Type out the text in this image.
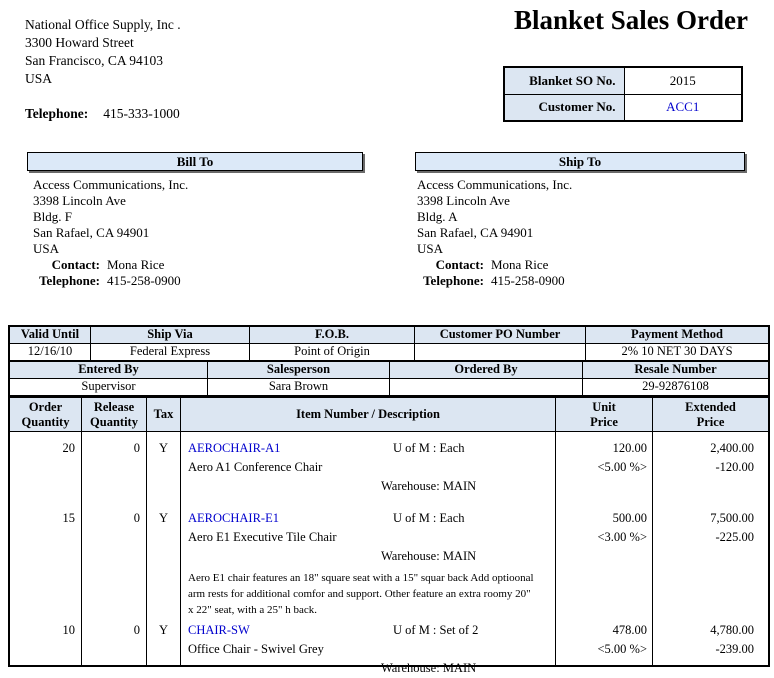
National Office Supply, Inc .
3300 Howard Street
San Francisco, CA 94103
USA
Telephone: 415-333-1000
Blanket Sales Order
Blanket SO No.	2015
Customer No.	ACC1
Bill To
Access Communications, Inc.
3398 Lincoln Ave
Bldg. F
San Rafael, CA 94901
USA
Contact: Mona Rice
Telephone: 415-258-0900
Ship To
Access Communications, Inc.
3398 Lincoln Ave
Bldg. A
San Rafael, CA 94901
USA
Contact: Mona Rice
Telephone: 415-258-0900
Valid Until	Ship Via	F.O.B.	Customer PO Number	Payment Method
12/16/10	Federal Express	Point of Origin	2% 10 NET 30 DAYS
Entered By	Salesperson	Ordered By	Resale Number
Supervisor	Sara Brown	29-92876108
Order
Quantity
Release
Quantity
Tax	Item Number / Description
Unit
Price
Extended
Price
20	0	Y	AEROCHAIR-A1	U of M : Each
Aero A1 Conference Chair
Warehouse: MAIN
120.00
<5.00 %>
2,400.00
-120.00
15	0	Y	AEROCHAIR-E1	U of M : Each
Aero E1 Executive Tile Chair
Warehouse: MAIN
Aero E1 chair features an 18" square seat with a 15" squar back Add optioonal arm rests for additional comfor and support. Other feature an extra roomy 20" x 22" seat, with a 25" h back.
500.00
<3.00 %>
7,500.00
-225.00
10	0	Y	CHAIR-SW	U of M : Set of 2
Office Chair - Swivel Grey
Warehouse: MAIN
478.00
<5.00 %>
4,780.00
-239.00
